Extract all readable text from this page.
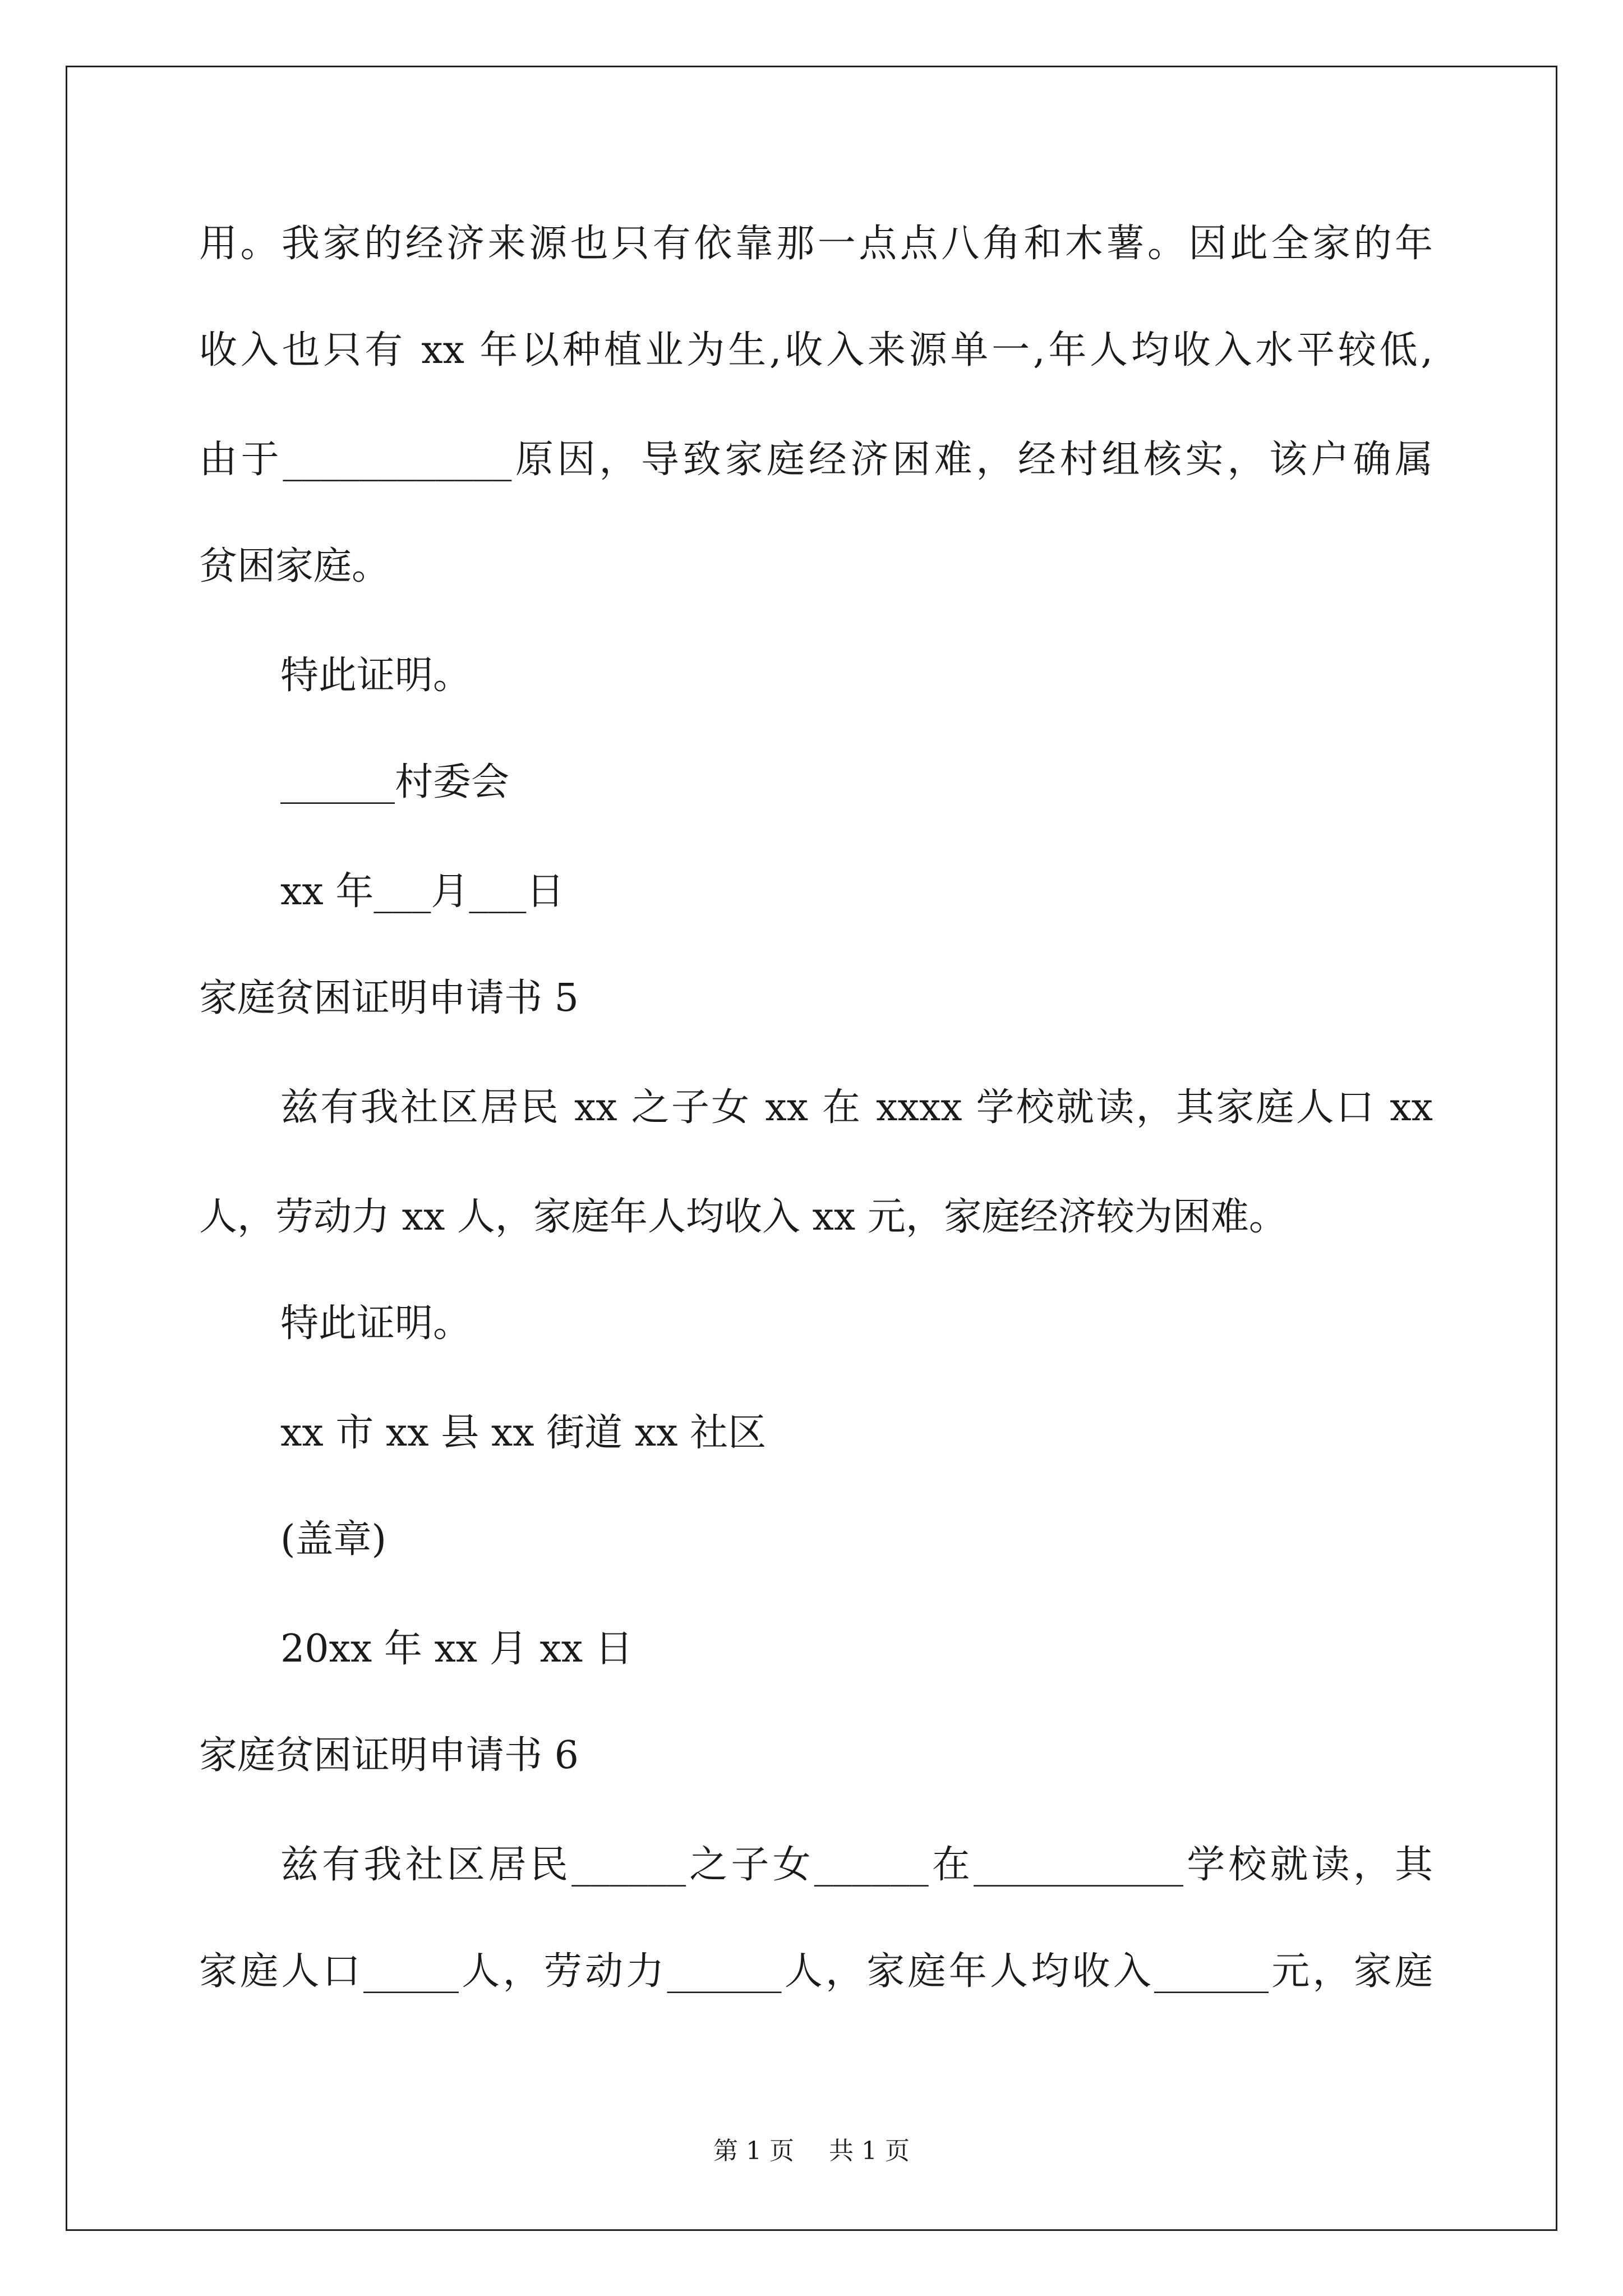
用。我家的经济来源也只有依靠那一点点八角和木薯。因此全家的年
收入也只有 xx 年以种植业为生,收入来源单一,年人均收入水平较低,
由于____________原因，导致家庭经济困难，经村组核实，该户确属
贫困家庭。
特此证明。
______村委会
xx 年___月___日
家庭贫困证明申请书 5
兹有我社区居民 xx 之子女 xx 在 xxxx 学校就读，其家庭人口 xx
人，劳动力 xx 人，家庭年人均收入 xx 元，家庭经济较为困难。
特此证明。
xx 市 xx 县 xx 街道 xx 社区
(盖章)
20xx 年 xx 月 xx 日
家庭贫困证明申请书 6
兹有我社区居民______之子女______在___________学校就读，其
家庭人口_____人，劳动力______人，家庭年人均收入______元，家庭
第 1 页 共 1 页
